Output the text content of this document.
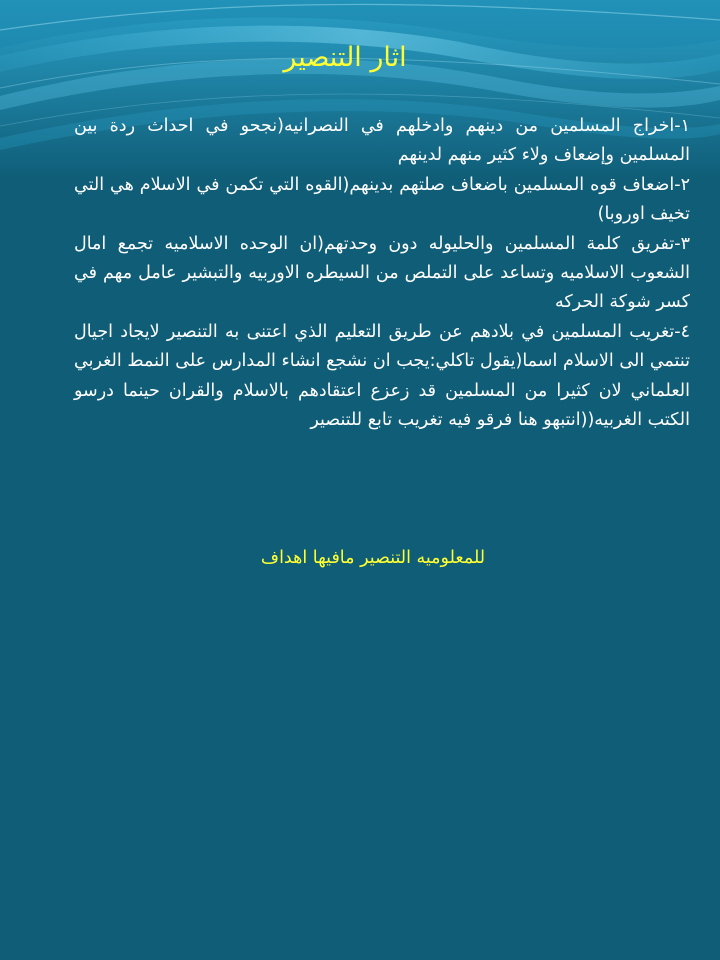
اثار التنصير

١-اخراج المسلمين من دينهم وادخلهم في النصرانيه(نجحو في احداث ردة بين المسلمين وإضعاف ولاء كثير منهم لدينهم

٢-اضعاف قوه المسلمين باضعاف صلتهم بدينهم(القوه التي تكمن في الاسلام هي التي تخيف اوروبا)

٣-تفريق كلمة المسلمين والحليوله دون وحدتهم(ان الوحده الاسلاميه تجمع امال الشعوب الاسلاميه وتساعد على التملص من السيطره الاوربيه والتبشير عامل مهم في كسر شوكة الحركه

٤-تغريب المسلمين في بلادهم عن طريق التعليم الذي اعتنى به التنصير لايجاد اجيال تنتمي الى الاسلام اسما(يقول تاكلي:يجب ان نشجع انشاء المدارس على النمط الغربي العلماني لان كثيرا من المسلمين قد زعزع اعتقادهم بالاسلام والقران حينما درسو الكتب الغربيه((انتبهو هنا فرقو فيه تغريب تابع للتنصير

للمعلوميه التنصير مافيها اهداف
